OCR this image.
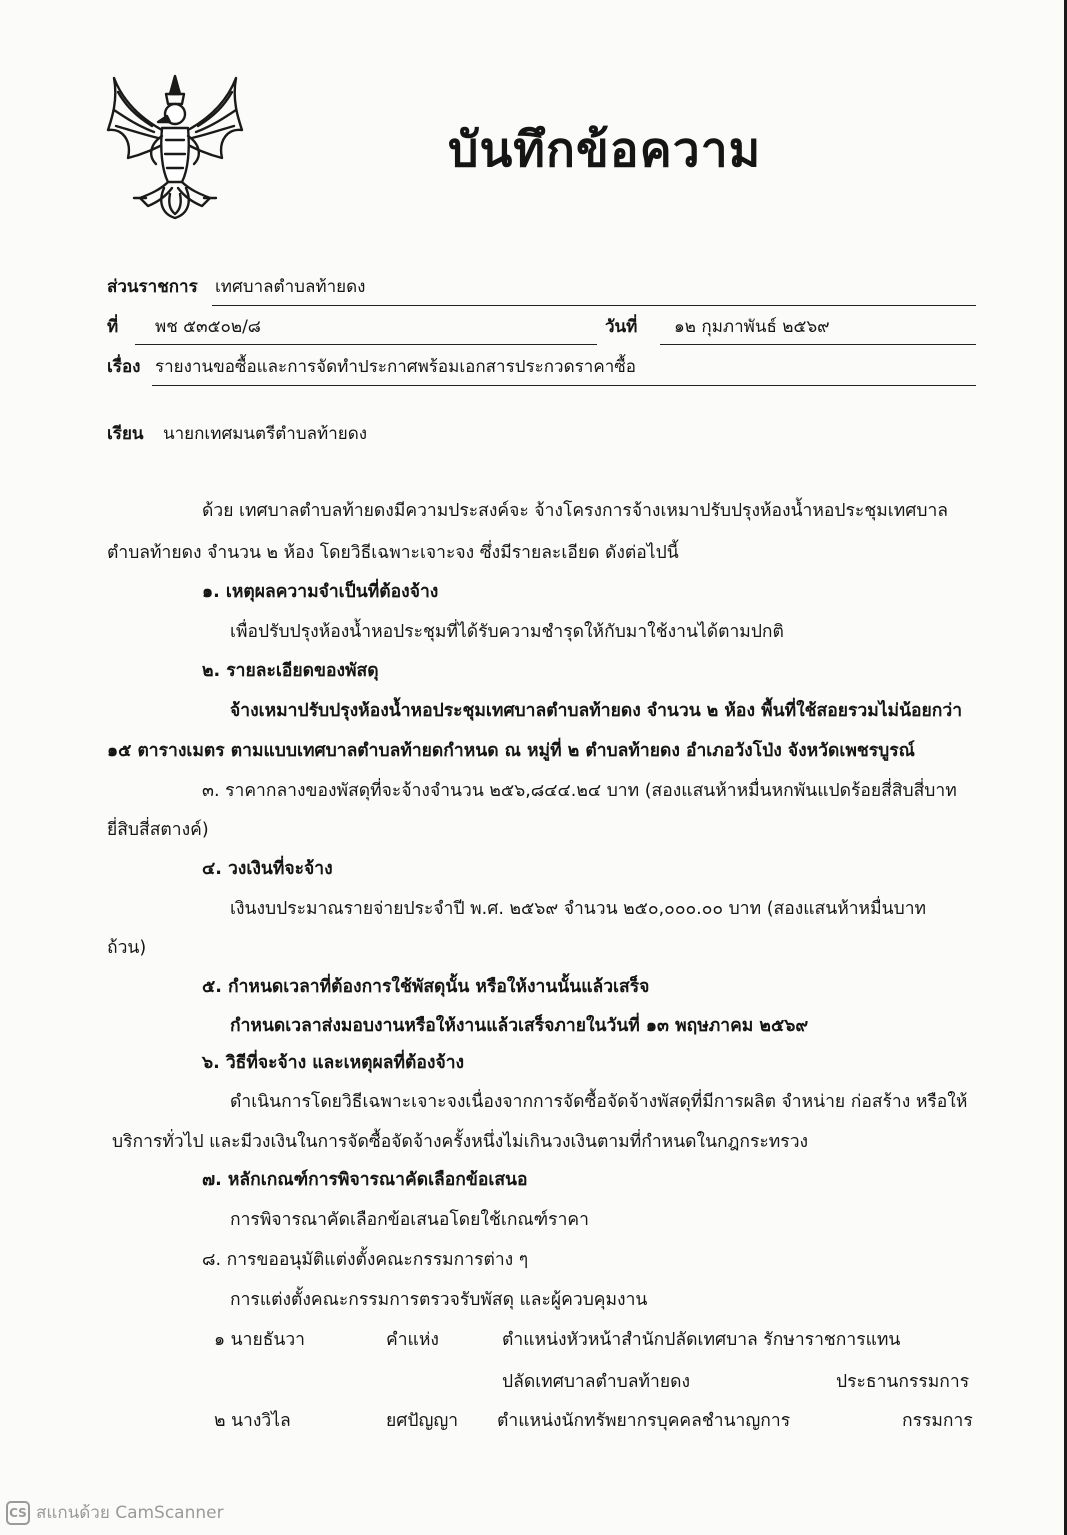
บันทึกข้อความ
ส่วนราชการ เทศบาลตำบลท้ายดง
ที่ พช ๕๓๕๐๒/๘	วันที่ ๑๒ กุมภาพันธ์ ๒๕๖๙
เรื่อง รายงานขอซื้อและการจัดทำประกาศพร้อมเอกสารประกวดราคาซื้อ
เรียน นายกเทศมนตรีตำบลท้ายดง
ด้วย เทศบาลตำบลท้ายดงมีความประสงค์จะ จ้างโครงการจ้างเหมาปรับปรุงห้องน้ำหอประชุมเทศบาล
ตำบลท้ายดง จำนวน ๒ ห้อง โดยวิธีเฉพาะเจาะจง ซึ่งมีรายละเอียด ดังต่อไปนี้
๑. เหตุผลความจำเป็นที่ต้องจ้าง
เพื่อปรับปรุงห้องน้ำหอประชุมที่ได้รับความชำรุดให้กับมาใช้งานได้ตามปกติ
๒. รายละเอียดของพัสดุ
จ้างเหมาปรับปรุงห้องน้ำหอประชุมเทศบาลตำบลท้ายดง จำนวน ๒ ห้อง พื้นที่ใช้สอยรวมไม่น้อยกว่า
๑๕ ตารางเมตร ตามแบบเทศบาลตำบลท้ายดกำหนด ณ หมู่ที่ ๒ ตำบลท้ายดง อำเภอวังโป่ง จังหวัดเพชรบูรณ์
๓. ราคากลางของพัสดุที่จะจ้างจำนวน ๒๕๖,๘๔๔.๒๔ บาท (สองแสนห้าหมื่นหกพันแปดร้อยสี่สิบสี่บาท
ยี่สิบสี่สตางค์)
๔. วงเงินที่จะจ้าง
เงินงบประมาณรายจ่ายประจำปี พ.ศ. ๒๕๖๙ จำนวน ๒๕๐,๐๐๐.๐๐ บาท (สองแสนห้าหมื่นบาท
ถ้วน)
๕. กำหนดเวลาที่ต้องการใช้พัสดุนั้น หรือให้งานนั้นแล้วเสร็จ
กำหนดเวลาส่งมอบงานหรือให้งานแล้วเสร็จภายในวันที่ ๑๓ พฤษภาคม ๒๕๖๙
๖. วิธีที่จะจ้าง และเหตุผลที่ต้องจ้าง
ดำเนินการโดยวิธีเฉพาะเจาะจงเนื่องจากการจัดซื้อจัดจ้างพัสดุที่มีการผลิต จำหน่าย ก่อสร้าง หรือให้
บริการทั่วไป และมีวงเงินในการจัดซื้อจัดจ้างครั้งหนึ่งไม่เกินวงเงินตามที่กำหนดในกฎกระทรวง
๗. หลักเกณฑ์การพิจารณาคัดเลือกข้อเสนอ
การพิจารณาคัดเลือกข้อเสนอโดยใช้เกณฑ์ราคา
๘. การขออนุมัติแต่งตั้งคณะกรรมการต่าง ๆ
การแต่งตั้งคณะกรรมการตรวจรับพัสดุ และผู้ควบคุมงาน
๑ นายธันวา	คำแห่ง	ตำแหน่งหัวหน้าสำนักปลัดเทศบาล รักษาราชการแทน
ปลัดเทศบาลตำบลท้ายดง	ประธานกรรมการ
๒ นางวิไล	ยศปัญญา ตำแหน่งนักทรัพยากรบุคคลชำนาญการ	กรรมการ
CS สแกนด้วย CamScanner
